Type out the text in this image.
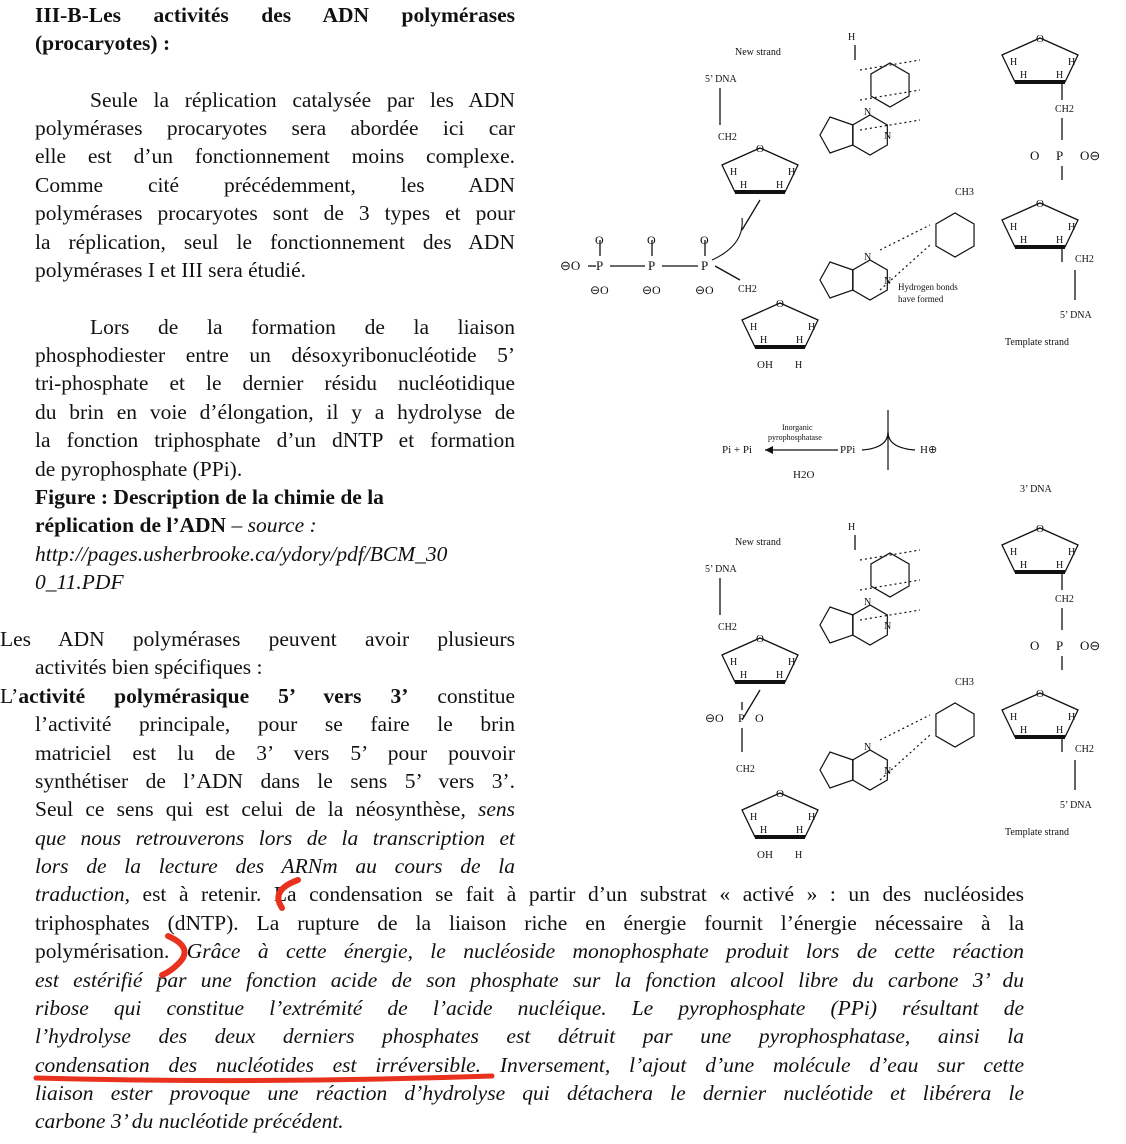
III-B-Les activités des ADN polymérases
(procaryotes) :
Seule la réplication catalysée par les ADN
polymérases procaryotes sera abordée ici car
elle est d’un fonctionnement moins complexe.
Comme cité précédemment, les ADN
polymérases procaryotes sont de 3 types et pour
la réplication, seul le fonctionnement des ADN
polymérases I et III sera étudié.
Lors de la formation de la liaison
phosphodiester entre un désoxyribonucléotide 5’
tri-phosphate et le dernier résidu nucléotidique
du brin en voie d’élongation, il y a hydrolyse de
la fonction triphosphate d’un dNTP et formation
de pyrophosphate (PPi).
Figure : Description de la chimie de la
réplication de l’ADN – source :
http://pages.usherbrooke.ca/ydory/pdf/BCM_30
0_11.PDF
Les ADN polymérases peuvent avoir plusieurs
activités bien spécifiques :
L’activité polymérasique 5’ vers 3’ constitue
l’activité principale, pour se faire le brin
matriciel est lu de 3’ vers 5’ pour pouvoir
synthétiser de l’ADN dans le sens 5’ vers 3’.
Seul ce sens qui est celui de la néosynthèse, sens
que nous retrouverons lors de la transcription et
lors de la lecture des ARNm au cours de la
traduction, est à retenir. La condensation se fait à partir d’un substrat « activé » : un des nucléosides
triphosphates (dNTP). La rupture de la liaison riche en énergie fournit l’énergie nécessaire à la
polymérisation. Grâce à cette énergie, le nucléoside monophosphate produit lors de cette réaction
est estérifié par une fonction acide de son phosphate sur la fonction alcool libre du carbone 3’ du
ribose qui constitue l’extrémité de l’acide nucléique. Le pyrophosphate (PPi) résultant de
l’hydrolyse des deux derniers phosphates est détruit par une pyrophosphatase, ainsi la
condensation des nucléotides est irréversible. Inversement, l’ajout d’une molécule d’eau sur cette
liaison ester provoque une réaction d’hydrolyse qui détachera le dernier nucléotide et libérera le
carbone 3’ du nucléotide précédent.
New strand
5’ DNA
CH2
O
H	H
H	H
N
N
H	O
H	H
H	H
CH2
O P O⊖
O
H	H
H	H
CH3
CH2
5’ DNA
Template strand
N
N
O
H	H
H	H
OH H
Hydrogen bonds
have formed
⊖O P
O
⊖O
P
O
⊖O
P
O
⊖O CH2
New strand
5’ DNA
CH2
O
H	H
H	H
N
N
H	O
H	H
H	H
CH2
O P O⊖
O
H	H
H	H
CH3
CH2
5’ DNA
Template strand
N
N
O
H	H
H	H
OH H
3’ DNA
⊖O P O
CH2
Pi + Pi
Inorganic
pyrophosphatase
H2O
PPi	H⊕
